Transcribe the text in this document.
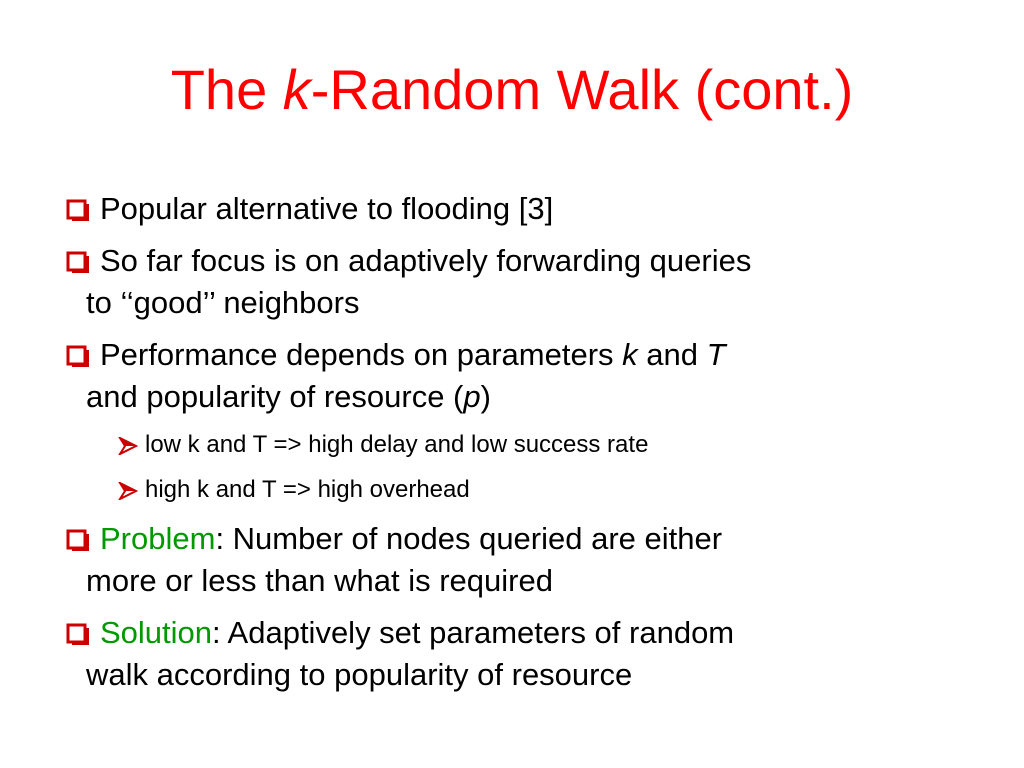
The k-Random Walk (cont.)
Popular alternative to flooding [3]
So far focus is on adaptively forwarding queries
to ‘‘good’’ neighbors
Performance depends on parameters k and T
and popularity of resource (p)
low k and T => high delay and low success rate
high k and T => high overhead
Problem: Number of nodes queried are either
more or less than what is required
Solution: Adaptively set parameters of random
walk according to popularity of resource
